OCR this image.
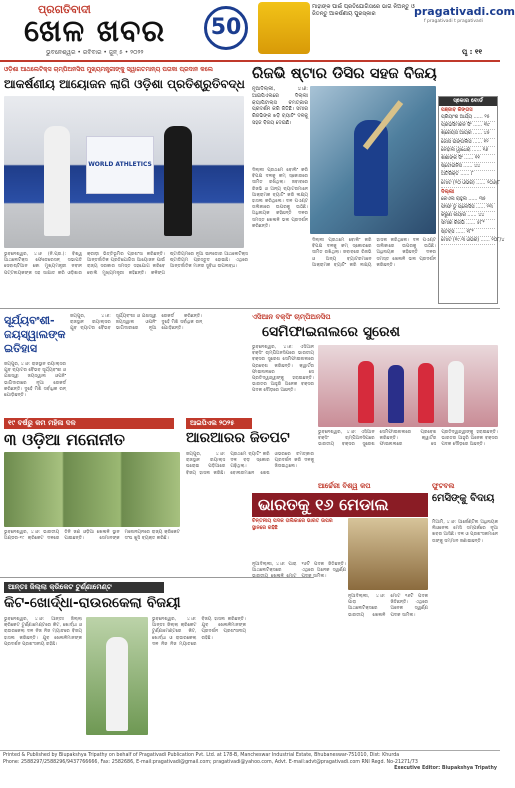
ପ୍ରଗତିବାଦୀ
ଖେଳ ଖବର	50
ଭୁବନେଶ୍ୱର • ରବିବାର • ଜୁନ୍ ୫ • ୨୦୨୨
ମାହୀଙ୍କ ପାଇଁ ପ୍ରତିଯୋଗିତାରେ ଭାଗ ନିଅନ୍ତୁ ଓ ଜିତନ୍ତୁ ଆକର୍ଷଣୀୟ ପୁରସ୍କାର	pragativadi.com
f pragativadi t pragativadi
ପୃ : ୧୧
ଓଡ଼ିଶା ଆଥଲେଟିକ୍ସ ଚାମ୍ପିଅନସିପ ମୁଖ୍ୟମନ୍ତ୍ରୀଙ୍କୁ ସ୍ୱାଗତମାନ୍ୟ ପତାକା ପ୍ରଦାନ କଲେ
ଆକର୍ଷଣୀୟ ଆୟୋଜନ ଲାଗି ଓଡ଼ିଶା ପ୍ରତିଶ୍ରୁତିବଦ୍ଧ
WORLD ATHLETICS
ଭୁବନେଶ୍ୱର, ୪।୬ (ନି.ପ୍ର.): ବିଶ୍ୱ ଆଥଲେଟିକ୍ସ ଫେଡେରେସନ୍ ସଭାପତି ସେବାଷ୍ଟିଆନ କୋ ମୁଖ୍ୟମନ୍ତ୍ରୀ ନବୀନ ପଟ୍ଟନାୟକଙ୍କ ସହ ସାକ୍ଷାତ କରି ଓଡ଼ିଶାର କ୍ରୀଡ଼ା ଭିତ୍ତିଭୂମିର ପ୍ରଶଂସା କରିଛନ୍ତି। ଆନ୍ତର୍ଜାତିକ ପ୍ରତିଯୋଗିତା ଆୟୋଜନ ପାଇଁ ରାଜ୍ୟ ସରକାର ସମସ୍ତ ସହଯୋଗ କରିବେ ବୋଲି ମୁଖ୍ୟମନ୍ତ୍ରୀ କହିଛନ୍ତି। କଳିଙ୍ଗ ଷ୍ଟାଡିୟମରେ ନୂଆ ଇନଡୋର ଆଥଲେଟିକ୍ସ ଷ୍ଟାଡିୟମ ପ୍ରସ୍ତୁତ ହୋଇଛି। ଏଥିରେ ଆନ୍ତର୍ଜାତିକ ମାନର ସୁବିଧା ଉପଲବ୍ଧ।
ରିଜଭି ଷ୍ଟାର ଡିସିର ସହଜ ବିଜୟ
ନୂଆଦିଲ୍ଲୀ, ୪।୬: ଆଇପିଏଲରେ ଦିଲ୍ଲୀ କ୍ୟାପିଟାଲ୍ସ ଚମତ୍କାର ପ୍ରଦର୍ଶନ କରି ଜିତିଛି। ସମୀର ରିଜଭିଙ୍କ ଝଡ଼ି ବ୍ୟାଟିଂ ଦଳକୁ ସହଜ ବିଜୟ ଦେଇଛି।
ଦିଲ୍ଲୀ ପ୍ରଥମେ ବୋଲିଂ କରି ବିପକ୍ଷ ଦଳକୁ କମ୍ ସ୍କୋରରେ ସୀମିତ ରଖିଥିଲା। ଜବାବରେ ରିଜଭି ଓ ଅନ୍ୟ ବ୍ୟାଟରମାନେ ଆକ୍ରାମକ ବ୍ୟାଟିଂ କରି ଲକ୍ଷ୍ୟ ହାସଲ କରିଥିଲେ। ଦଳ ପଏଣ୍ଟ ତାଲିକାରେ ଉପରକୁ ଉଠିଛି। ଅଧିନାୟକ କହିଛନ୍ତି ଦଳର ସମସ୍ତ ଖେଳାଳି ଭଲ ପ୍ରଦର୍ଶନ କରିଛନ୍ତି।
ଦିଲ୍ଲୀ ପ୍ରଥମେ ବୋଲିଂ କରି ବିପକ୍ଷ ଦଳକୁ କମ୍ ସ୍କୋରରେ ସୀମିତ ରଖିଥିଲା। ଜବାବରେ ରିଜଭି ଓ ଅନ୍ୟ ବ୍ୟାଟରମାନେ ଆକ୍ରାମକ ବ୍ୟାଟିଂ କରି ଲକ୍ଷ୍ୟ ହାସଲ କରିଥିଲେ। ଦଳ ପଏଣ୍ଟ ତାଲିକାରେ ଉପରକୁ ଉଠିଛି। ଅଧିନାୟକ କହିଛନ୍ତି ଦଳର ସମସ୍ତ ଖେଳାଳି ଭଲ ପ୍ରଦର୍ଶନ କରିଛନ୍ତି।
ସ୍କୋର ବୋର୍ଡ
ପଞ୍ଜାବ କିଙ୍ଗସ
ପ୍ରିୟାଂଶ ଆର୍ଯ୍ୟ ...... ୨୫
ପ୍ରଭସିମରନ ସିଂ ...... ୩୯
ଶ୍ରେୟସ ଆୟର ...... ୪୫
ଜୋସ ଇଙ୍ଗଲିସ ...... ୧୨
ନେହାଲ ୱାଧେରା ...... ୧୬
ଶଶାଙ୍କ ସିଂ ...... ୧୧
ଷ୍ଟୋଇନିସ ...... ୪୪
ଅତିରିକ୍ତ ...... ୮
ମୋଟ (୨୦ ଓଭର) ...... ୨୦୬/୮
ଦିଲ୍ଲୀ
କେଏଲ ରାହୁଲ ...... ୩୫
ଫାଫ ଡୁ ପ୍ଲେସିସ ...... ୨୩
କରୁଣ ନାୟାର ...... ୪୪
ସମୀର ରିଜଭି ...... ୫୮*
ଷ୍ଟବ୍ସ ...... ୧୮*
ମୋଟ (୧୯.୩ ଓଭର) ...... ୨୦୮/୪
ସୂର୍ଯ୍ୟବଂଶୀ-ଜୟସ୍ୱାଲଙ୍କ ଇତିହାସ
ଜୟପୁର, ୪।୬: ରାଜସ୍ଥାନ ରୟାଲ୍ସର ଯୁବ ବ୍ୟାଟର ବୈଭବ ସୂର୍ଯ୍ୟବଂଶୀ ଓ ଯଶସ୍ୱୀ ଜୟସ୍ୱାଲ ଓପନିଂ ଭାଗିଦାରୀରେ ନୂଆ ରେକର୍ଡ କରିଛନ୍ତି। ଦୁହେଁ ମିଶି ସର୍ବାଧିକ ରନ୍ ଯୋଡ଼ିଛନ୍ତି।
ଜୟପୁର, ୪।୬: ରାଜସ୍ଥାନ ରୟାଲ୍ସର ଯୁବ ବ୍ୟାଟର ବୈଭବ ସୂର୍ଯ୍ୟବଂଶୀ ଓ ଯଶସ୍ୱୀ ଜୟସ୍ୱାଲ ଓପନିଂ ଭାଗିଦାରୀରେ ନୂଆ ରେକର୍ଡ କରିଛନ୍ତି। ଦୁହେଁ ମିଶି ସର୍ବାଧିକ ରନ୍ ଯୋଡ଼ିଛନ୍ତି।
ଏସିଆନ ବକ୍ସିଂ ଚାମ୍ପିଅନସିପ
ସେମିଫାଇନାଲରେ ସୁରେଶ
ଭୁବନେଶ୍ୱର, ୪।୬: ଏସିଆନ ବକ୍ସିଂ ଚାମ୍ପିଅନସିପରେ ଭାରତୀୟ ବକ୍ସର ସୁରେଶ ସେମିଫାଇନାଲରେ ପ୍ରବେଶ କରିଛନ୍ତି। କ୍ୱାର୍ଟର ଫାଇନାଲରେ ସେ ପ୍ରତିଦ୍ୱନ୍ଦ୍ୱୀଙ୍କୁ ହରାଇଛନ୍ତି। ଭାରତର ଆହୁରି ଅନେକ ବକ୍ସର ପଦକ ଦୌଡ଼ରେ ଅଛନ୍ତି।
ଭୁବନେଶ୍ୱର, ୪।୬: ଏସିଆନ ବକ୍ସିଂ ଚାମ୍ପିଅନସିପରେ ଭାରତୀୟ ବକ୍ସର ସୁରେଶ ସେମିଫାଇନାଲରେ ପ୍ରବେଶ କରିଛନ୍ତି। କ୍ୱାର୍ଟର ଫାଇନାଲରେ ସେ ପ୍ରତିଦ୍ୱନ୍ଦ୍ୱୀଙ୍କୁ ହରାଇଛନ୍ତି। ଭାରତର ଆହୁରି ଅନେକ ବକ୍ସର ପଦକ ଦୌଡ଼ରେ ଅଛନ୍ତି।
୧୯ ବର୍ଷରୁ କମ ମହିଳା ଦଳ
୩ ଓଡ଼ିଆ ମନୋନୀତ
ଭୁବନେଶ୍ୱର, ୪।୬: ଭାରତୀୟ ଅଣ୍ଡର-୧୯ କ୍ରିକେଟ ଦଳରେ ତିନି ଜଣ ଓଡ଼ିଆ ଖେଳାଳି ସ୍ଥାନ ପାଇଛନ୍ତି। ସେମାନଙ୍କ ମନୋନୟନରେ ରାଜ୍ୟ କ୍ରିକେଟ ସଂଘ ଖୁସି ବ୍ୟକ୍ତ କରିଛି।
ଆଇପିଏଲ ୨୦୨୫
ଆରଆରର ଜିତପଟ
ଜୟପୁର, ୪।୬: ରାଜସ୍ଥାନ ରୟାଲ୍ସ ଘରୋଇ ପଡ଼ିଆରେ ବିଜୟ ହାସଲ କରିଛି। ପ୍ରଥମେ ବ୍ୟାଟିଂ କରି ଦଳ ବଡ଼ ସ୍କୋର ଗଢ଼ିଥିଲା। ବୋଲରମାନେ ଶେଷ ଓଭରରେ ଚମତ୍କାର ପ୍ରଦର୍ଶନ କରି ଦଳକୁ ଜିତାଇଥିଲେ।
ଆନ୍ତଃ ଜିଲ୍ଲା କ୍ରିକେଟ ଟୁର୍ଣ୍ଣାମେଣ୍ଟ
କିଟ-ଖୋର୍ଦ୍ଧା-ରାଉରକେଲା ବିଜୟୀ
ଭୁବନେଶ୍ୱର, ୪।୬: ଆନ୍ତଃ ଜିଲ୍ଲା କ୍ରିକେଟ ଟୁର୍ଣ୍ଣାମେଣ୍ଟରେ କିଟ, ଖୋର୍ଦ୍ଧା ଓ ରାଉରକେଲା ଦଳ ନିଜ ନିଜ ମ୍ୟାଚରେ ବିଜୟ ହାସଲ କରିଛନ୍ତି। ଯୁବ ଖେଳାଳିମାନଙ୍କ ପ୍ରଦର୍ଶନ ପ୍ରଶଂସନୀୟ ରହିଛି।
ଭୁବନେଶ୍ୱର, ୪।୬: ଆନ୍ତଃ ଜିଲ୍ଲା କ୍ରିକେଟ ଟୁର୍ଣ୍ଣାମେଣ୍ଟରେ କିଟ, ଖୋର୍ଦ୍ଧା ଓ ରାଉରକେଲା ଦଳ ନିଜ ନିଜ ମ୍ୟାଚରେ ବିଜୟ ହାସଲ କରିଛନ୍ତି। ଯୁବ ଖେଳାଳିମାନଙ୍କ ପ୍ରଦର୍ଶନ ପ୍ରଶଂସନୀୟ ରହିଛି।
ଆର୍ଚ୍ଚେରୀ ବିଶ୍ୱ କପ
ଭାରତକୁ ୧୬ ମେଡାଲ
ଚିନ୍ତନୀୟ ପଦକ ତାଲିକାରେ ଭାରତ ଉପର ସ୍ଥାନରେ ରହିଛି
ନୂଆଦିଲ୍ଲୀ, ୪।୬: ପାରା ଆଥଲେଟିକ୍ସରେ ଭାରତୀୟ ଖେଳାଳି ମୋଟ ୧୬ଟି ପଦକ ଜିତିଛନ୍ତି। ଏଥିରେ ଅନେକ ସ୍ୱର୍ଣ୍ଣ ପଦକ ସାମିଲ।
ନୂଆଦିଲ୍ଲୀ, ୪।୬: ପାରା ଆଥଲେଟିକ୍ସରେ ଭାରତୀୟ ଖେଳାଳି ମୋଟ ୧୬ଟି ପଦକ ଜିତିଛନ୍ତି। ଏଥିରେ ଅନେକ ସ୍ୱର୍ଣ୍ଣ ପଦକ ସାମିଲ।
ଫୁଟବଲ
ମେସିଙ୍କୁ ବିଦାୟ
ମିଆମି, ୪।୬: ଆର୍ଜେଣ୍ଟିନା ଅଧିନାୟକ ଲିଓନେଲ ମେସି ସମ୍ପର୍କରେ ନୂଆ ଖବର ଆସିଛି। ଦଳ ଓ ପ୍ରଶଂସକମାନେ ତାଙ୍କୁ ସମ୍ମାନ ଜଣାଇଛନ୍ତି।
Printed & Published by Biupakshya Tripathy on behalf of Pragativadi Publication Pvt. Ltd. at 178-B, Mancheswar Industrial Estate, Bhubaneswar-751010, Dist: Khurda
Phone: 2588297/2588296/9437766666, Fax: 2582686, E-mail:pragativadi@gmail.com; pragativadi@yahoo.com, Advt. E-mail:advt@pragativadi.com RNI Regd. No-21271/73
Executive Editor: Biupakshya Tripathy
